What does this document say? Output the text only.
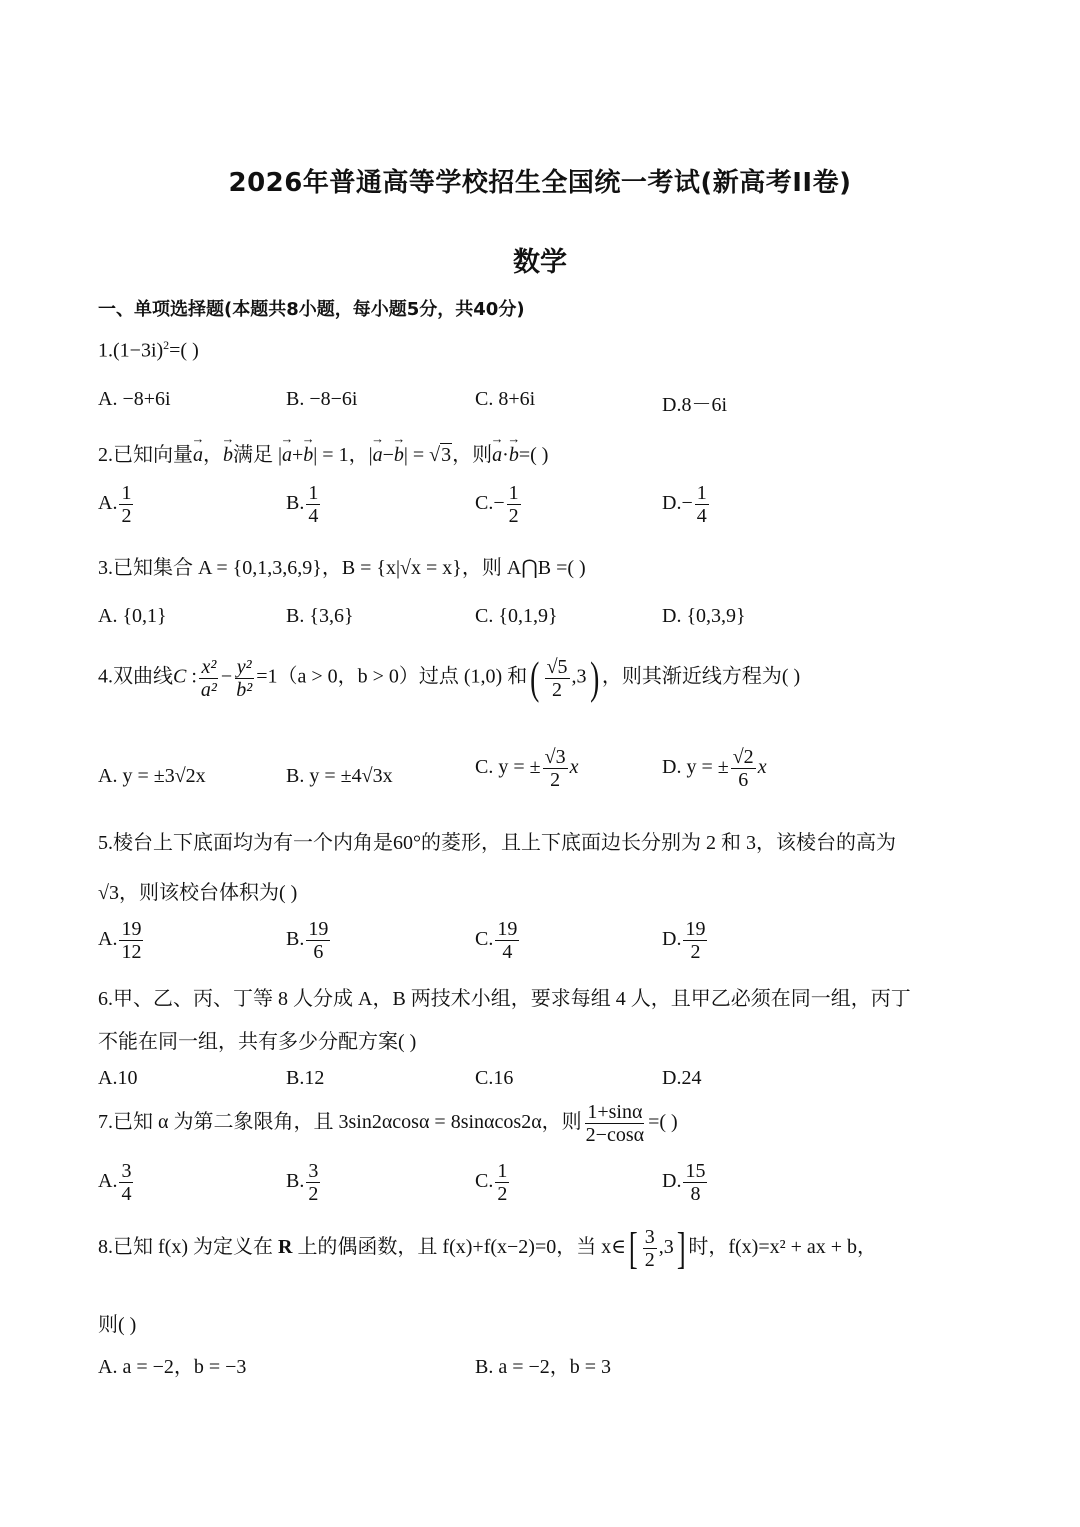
2026年普通高等学校招生全国统一考试(新高考II卷)
数学
一、单项选择题(本题共8小题，每小题5分，共40分)
$1.(1-3i)^2=$( )
A. −8+6i	B. −8−6i	C. 8+6i	D.8－6i
2.已知向量a →，b →满足 |a →+b →| = 1，|a →−b →| = √3，则a →·b →=( )
A. $\frac{1}{2}$	B. $\frac{1}{4}$	$C.- \frac{1}{2}$	$D.- \frac{1}{4}$
3.已知集合 A = {0,1,3,6,9}，B = {x|√x = x}，则 A⋂B =( )
A. {0,1}	B. {3,6}	C. {0,1,9}	D. {0,3,9}
4.双曲线C : $\frac{\text{x²}}{\text{a²}} - \frac{\text{y²}}{\text{b²}} =1(a > 0$，b > 0）过点 (1,0) 和( $\frac{√5}{2} ,3$) ，则其渐近线方程为( )
A. y = ±3√2x	B. y = ±4√3x	C. y = ± $\frac{√3}{2}$ x	D. y = ± $\frac{√2}{6}$ x
5.棱台上下底面均为有一个内角是60°的菱形，且上下底面边长分别为 2 和 3，该棱台的高为
√3，则该校台体积为( )
A. $\frac{19}{12}$	B. $\frac{19}{6}$	C. $\frac{19}{4}$	D. $\frac{19}{2}$
6.甲、乙、丙、丁等 8 人分成 A，B 两技术小组，要求每组 4 人，且甲乙必须在同一组，丙丁
不能在同一组，共有多少分配方案( )
A.10	B.12	C.16	D.24
7.已知 α 为第二象限角，且 3sin2αcosα = 8sinαcos2α，则 $\frac{1+\sin\alpha}{2-\cos\alpha}$ =( )
A. $\frac{3}{4}$	B. $\frac{3}{2}$	C. $\frac{1}{2}$	D. $\frac{15}{8}$
8.已知 f(x) 为定义在 R 上的偶函数，且 f(x)+f(x−2)=0，当 x∈[ $\frac{3}{2} ,3$] 时，f(x)=x² + ax + b，
则( )
A. a = −2，b = −3	B. a = −2，b = 3
